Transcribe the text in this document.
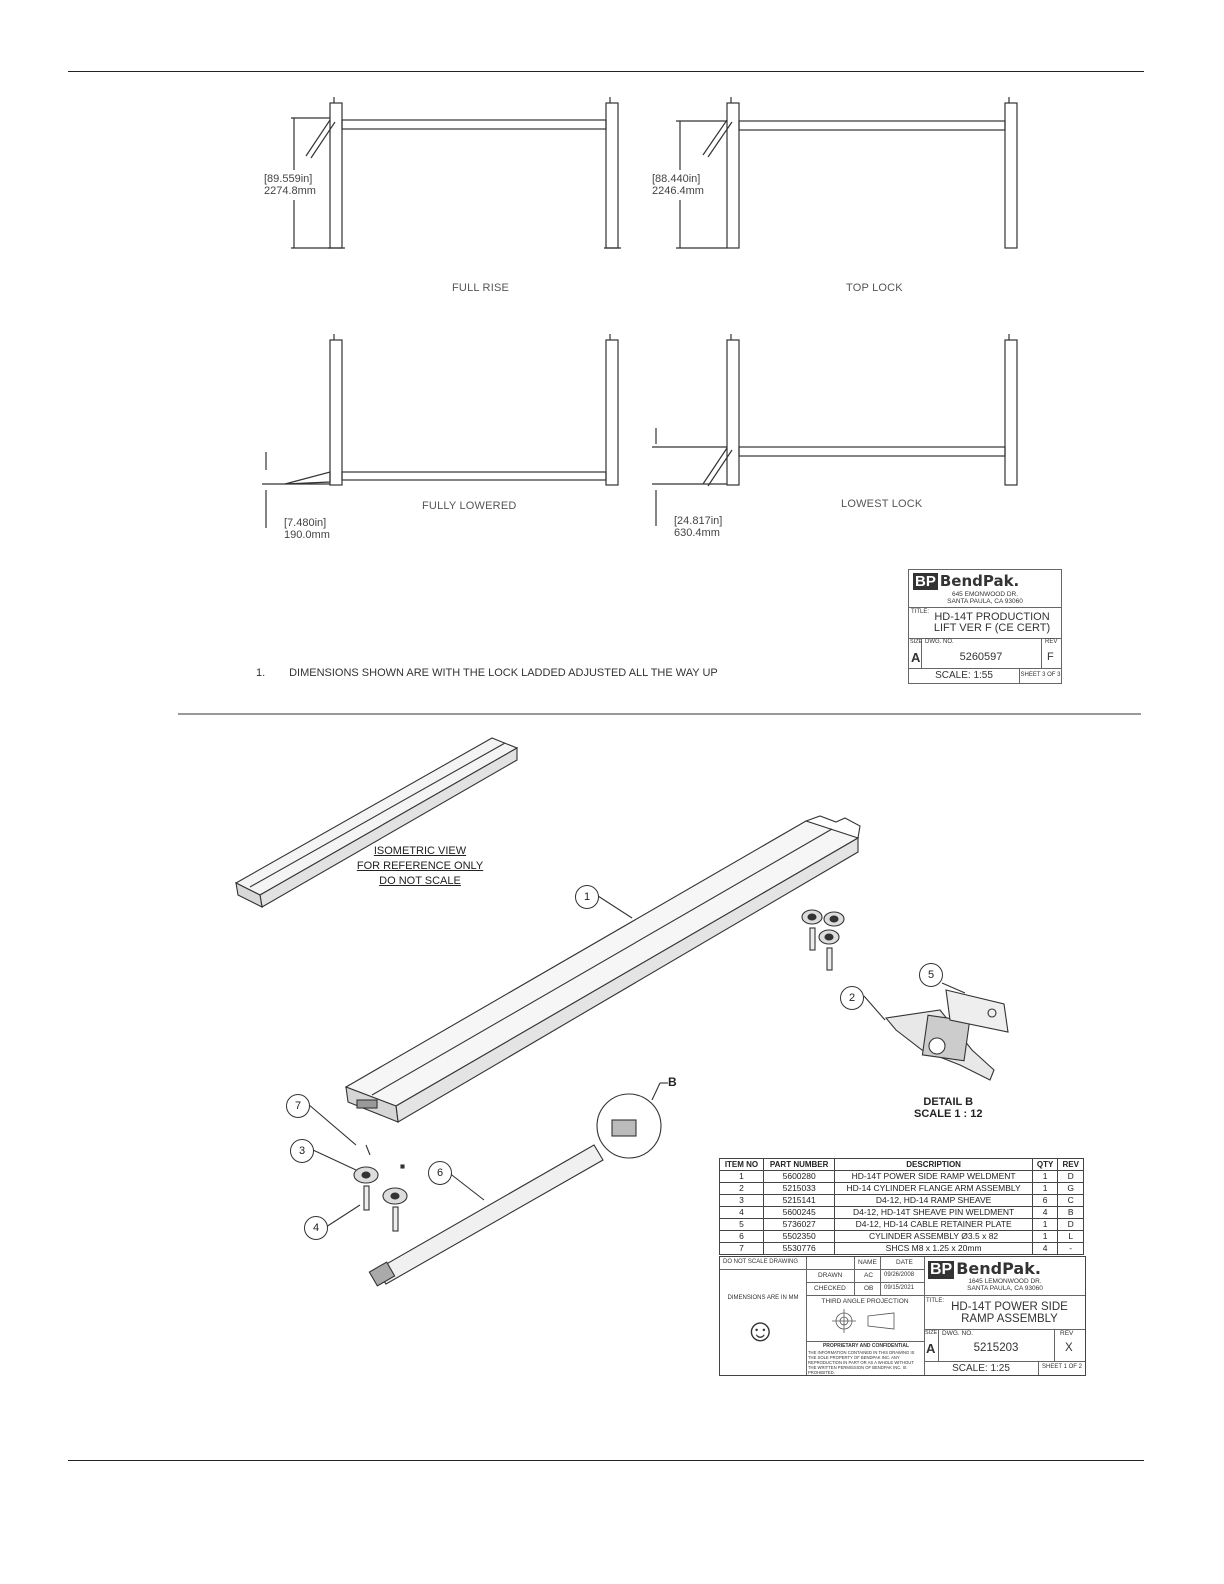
[89.559in]
2274.8mm
[88.440in]
2246.4mm
[7.480in]
190.0mm
[24.817in]
630.4mm
FULL RISE	TOP LOCK
FULLY LOWERED	LOWEST LOCK
1. DIMENSIONS SHOWN ARE WITH THE LOCK LADDED ADJUSTED ALL THE WAY UP
BP BendPak.
645 EMONWOOD DR.
SANTA PAULA, CA 93060
TITLE: HD-14T PRODUCTION
LIFT VER F (CE CERT)
SIZE
A
DWG. NO.
5260597
REV
F
SCALE: 1:55	SHEET 3 OF 3
ISOMETRIC VIEW
FOR REFERENCE ONLY
DO NOT SCALE
1
2
5
7
3
6
4
B
DETAIL B
SCALE 1 : 12
ITEM NO	PART NUMBER	DESCRIPTION	QTY	REV
1	5600280	HD-14T POWER SIDE RAMP WELDMENT	1	D
2	5215033	HD-14 CYLINDER FLANGE ARM ASSEMBLY	1	G
3	5215141	D4-12, HD-14 RAMP SHEAVE	6	C
4	5600245	D4-12, HD-14T SHEAVE PIN WELDMENT	4	B
5	5736027	D4-12, HD-14 CABLE RETAINER PLATE	1	D
6	5502350	CYLINDER ASSEMBLY Ø3.5 x 82	1	L
7	5530776	SHCS M8 x 1.25 x 20mm	4	-
DO NOT SCALE DRAWING
DIMENSIONS ARE IN MM
☺
NAME	DATE
DRAWN	AC 09/26/2008
CHECKED	OB 09/15/2021
THIRD ANGLE PROJECTION
PROPRIETARY AND CONFIDENTIAL
THE INFORMATION CONTAINED IN THIS DRAWING IS THE SOLE PROPERTY OF BENDPAK INC. ANY REPRODUCTION IN PART OR AS A WHOLE WITHOUT THE WRITTEN PERMISSION OF BENDPAK INC. IS PROHIBITED.
BP BendPak.
1645 LEMONWOOD DR.
SANTA PAULA, CA 93060
TITLE: HD-14T POWER SIDE
RAMP ASSEMBLY
SIZE
A
DWG. NO.
5215203
REV
X
SCALE: 1:25	SHEET 1 OF 2
